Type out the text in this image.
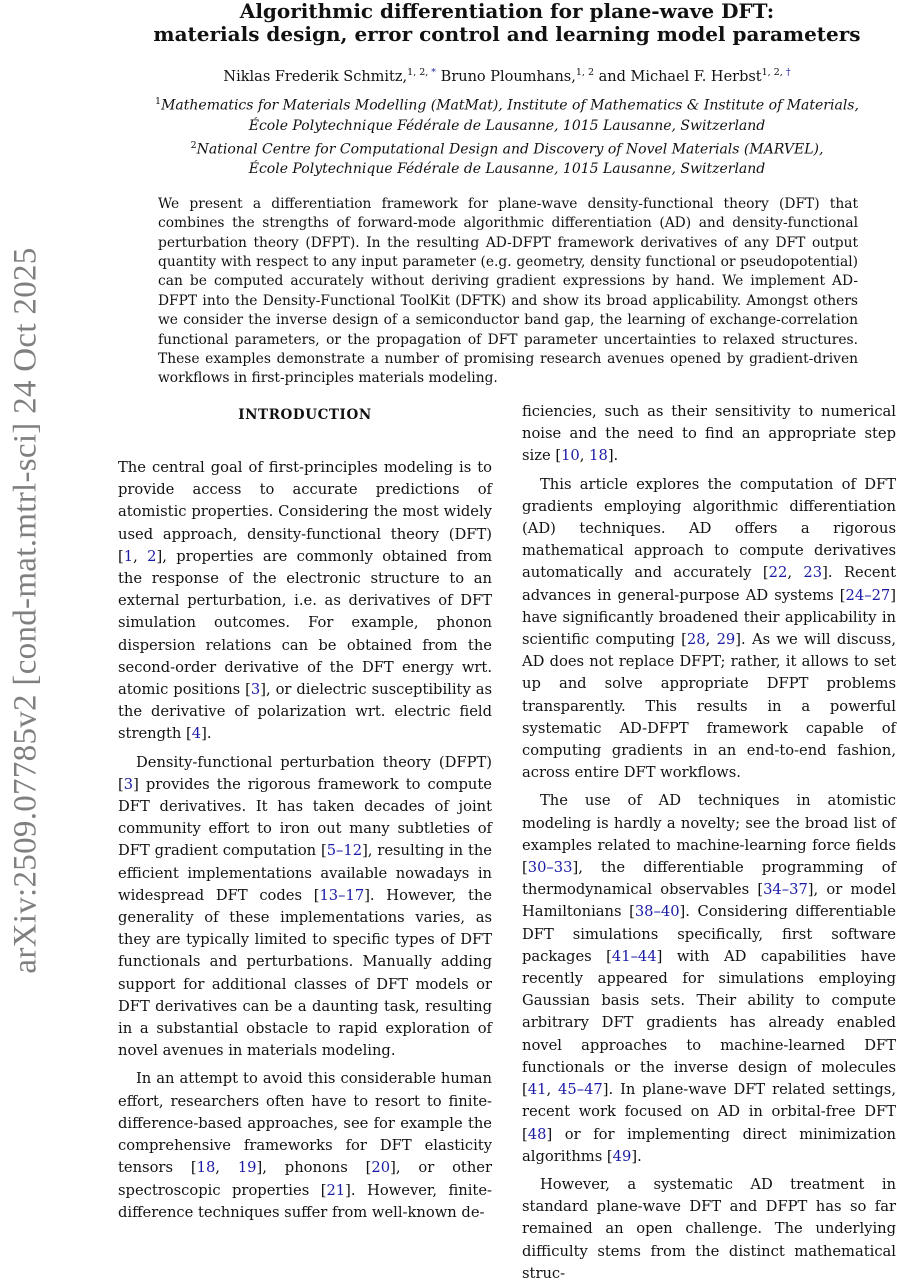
arXiv:2509.07785v2 [cond-mat.mtrl-sci] 24 Oct 2025
Algorithmic differentiation for plane-wave DFT:
materials design, error control and learning model parameters
Niklas Frederik Schmitz,$^{1, 2, *}$ Bruno Ploumhans,$^{1, 2}$ and Michael F. Herbst$^{1, 2, \dagger}$
$^1$Mathematics for Materials Modelling (MatMat), Institute of Mathematics & Institute of Materials,
École Polytechnique Fédérale de Lausanne, 1015 Lausanne, Switzerland
$^2$National Centre for Computational Design and Discovery of Novel Materials (MARVEL),
École Polytechnique Fédérale de Lausanne, 1015 Lausanne, Switzerland

We present a differentiation framework for plane-wave density-functional theory (DFT) that combines the strengths of forward-mode algorithmic differentiation (AD) and density-functional perturbation theory (DFPT). In the resulting AD-DFPT framework derivatives of any DFT output quantity with respect to any input parameter (e.g. geometry, density functional or pseudopotential) can be computed accurately without deriving gradient expressions by hand. We implement AD-DFPT into the Density-Functional ToolKit (DFTK) and show its broad applicability. Amongst others we consider the inverse design of a semiconductor band gap, the learning of exchange-correlation functional parameters, or the propagation of DFT parameter uncertainties to relaxed structures. These examples demonstrate a number of promising research avenues opened by gradient-driven workflows in first-principles materials modeling.

INTRODUCTION

The central goal of first-principles modeling is to provide access to accurate predictions of atomistic properties. Considering the most widely used approach, density-functional theory (DFT) [1, 2], properties are commonly obtained from the response of the electronic structure to an external perturbation, i.e. as derivatives of DFT simulation outcomes. For example, phonon dispersion relations can be obtained from the second-order derivative of the DFT energy wrt. atomic positions [3], or dielectric susceptibility as the derivative of polarization wrt. electric field strength [4].

Density-functional perturbation theory (DFPT) [3] provides the rigorous framework to compute DFT derivatives. It has taken decades of joint community effort to iron out many subtleties of DFT gradient computation [5–12], resulting in the efficient implementations available nowadays in widespread DFT codes [13–17]. However, the generality of these implementations varies, as they are typically limited to specific types of DFT functionals and perturbations. Manually adding support for additional classes of DFT models or DFT derivatives can be a daunting task, resulting in a substantial obstacle to rapid exploration of novel avenues in materials modeling.

In an attempt to avoid this considerable human effort, researchers often have to resort to finite-difference-based approaches, see for example the comprehensive frameworks for DFT elasticity tensors [18, 19], phonons [20], or other spectroscopic properties [21]. However, finite-difference techniques suffer from well-known de-

ficiencies, such as their sensitivity to numerical noise and the need to find an appropriate step size [10, 18].

This article explores the computation of DFT gradients employing algorithmic differentiation (AD) techniques. AD offers a rigorous mathematical approach to compute derivatives automatically and accurately [22, 23]. Recent advances in general-purpose AD systems [24–27] have significantly broadened their applicability in scientific computing [28, 29]. As we will discuss, AD does not replace DFPT; rather, it allows to set up and solve appropriate DFPT problems transparently. This results in a powerful systematic AD-DFPT framework capable of computing gradients in an end-to-end fashion, across entire DFT workflows.

The use of AD techniques in atomistic modeling is hardly a novelty; see the broad list of examples related to machine-learning force fields [30–33], the differentiable programming of thermodynamical observables [34–37], or model Hamiltonians [38–40]. Considering differentiable DFT simulations specifically, first software packages [41–44] with AD capabilities have recently appeared for simulations employing Gaussian basis sets. Their ability to compute arbitrary DFT gradients has already enabled novel approaches to machine-learned DFT functionals or the inverse design of molecules [41, 45–47]. In plane-wave DFT related settings, recent work focused on AD in orbital-free DFT [48] or for implementing direct minimization algorithms [49].

However, a systematic AD treatment in standard plane-wave DFT and DFPT has so far remained an open challenge. The underlying difficulty stems from the distinct mathematical struc-
